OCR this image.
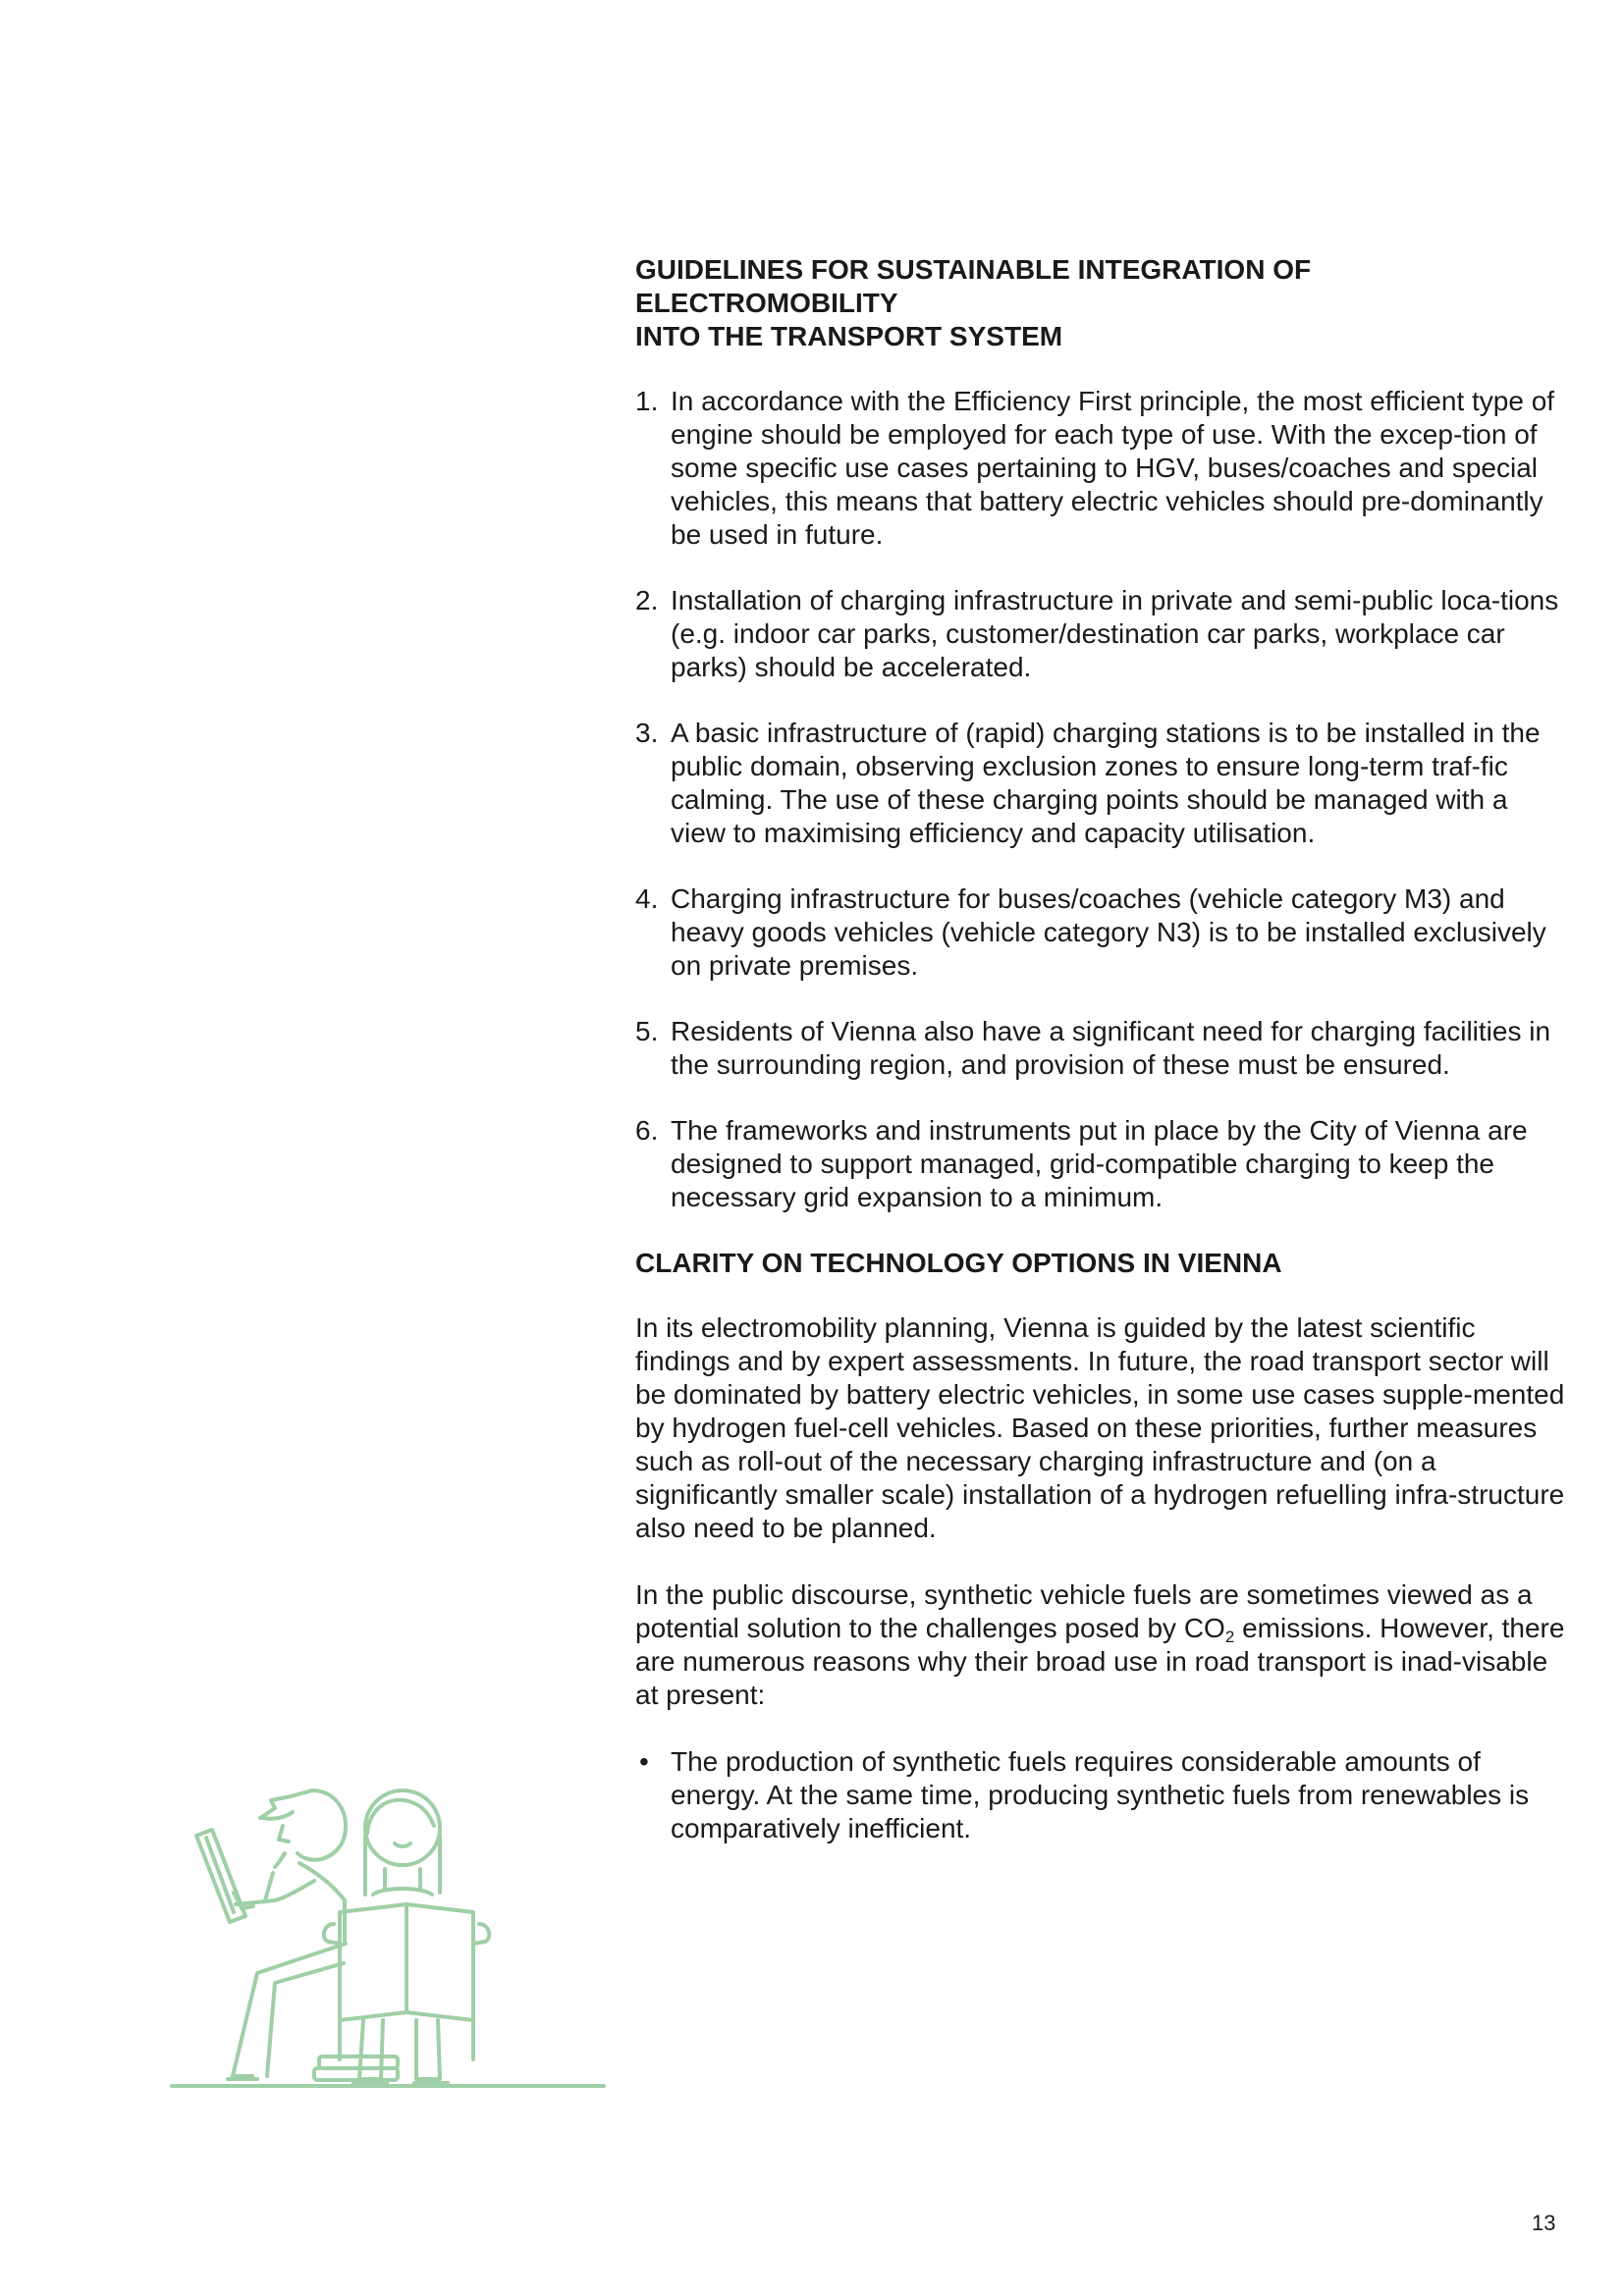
GUIDELINES FOR SUSTAINABLE INTEGRATION OF ELECTROMOBILITY
INTO THE TRANSPORT SYSTEM
1. In accordance with the Efficiency First principle, the most efficient type of engine should be employed for each type of use. With the excep-tion of some specific use cases pertaining to HGV, buses/coaches and special vehicles, this means that battery electric vehicles should pre-dominantly be used in future.
2. Installation of charging infrastructure in private and semi-public loca-tions (e.g. indoor car parks, customer/destination car parks, workplace car parks) should be accelerated.
3. A basic infrastructure of (rapid) charging stations is to be installed in the public domain, observing exclusion zones to ensure long-term traf-fic calming. The use of these charging points should be managed with a view to maximising efficiency and capacity utilisation.
4. Charging infrastructure for buses/coaches (vehicle category M3) and heavy goods vehicles (vehicle category N3) is to be installed exclusively on private premises.
5. Residents of Vienna also have a significant need for charging facilities in the surrounding region, and provision of these must be ensured.
6. The frameworks and instruments put in place by the City of Vienna are designed to support managed, grid-compatible charging to keep the necessary grid expansion to a minimum.
CLARITY ON TECHNOLOGY OPTIONS IN VIENNA

In its electromobility planning, Vienna is guided by the latest scientific findings and by expert assessments. In future, the road transport sector will be dominated by battery electric vehicles, in some use cases supple-mented by hydrogen fuel-cell vehicles. Based on these priorities, further measures such as roll-out of the necessary charging infrastructure and (on a significantly smaller scale) installation of a hydrogen refuelling infra-structure also need to be planned.

In the public discourse, synthetic vehicle fuels are sometimes viewed as a potential solution to the challenges posed by $CO_2$ emissions. However, there are numerous reasons why their broad use in road transport is inad-visable at present:

• The production of synthetic fuels requires considerable amounts of energy. At the same time, producing synthetic fuels from renewables is comparatively inefficient.
13
